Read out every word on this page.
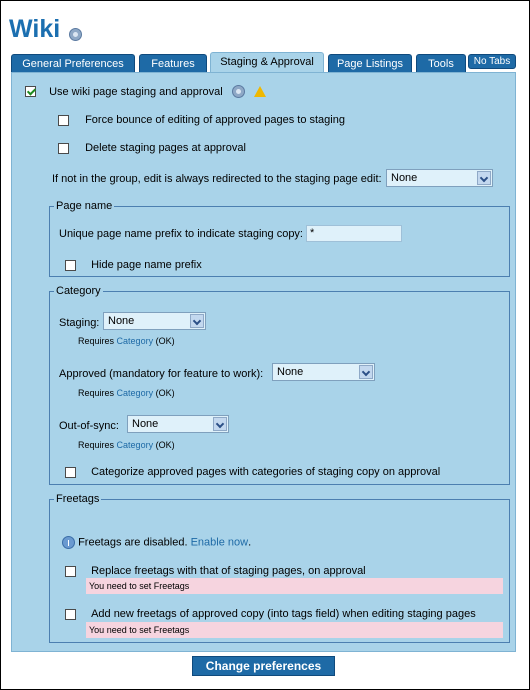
Wiki
General Preferences	Features	Staging & Approval	Page Listings	Tools	No Tabs
Use wiki page staging and approval
Force bounce of editing of approved pages to staging
Delete staging pages at approval
If not in the group, edit is always redirected to the staging page edit: None
Page name
Unique page name prefix to indicate staging copy: *
Hide page name prefix
Category
Staging: None
Requires Category (OK)
Approved (mandatory for feature to work):	None
Requires Category (OK)
Out-of-sync:	None
Requires Category (OK)
Categorize approved pages with categories of staging copy on approval
Freetags
Freetags are disabled. Enable now.
Replace freetags with that of staging pages, on approval
You need to set Freetags
Add new freetags of approved copy (into tags field) when editing staging pages
You need to set Freetags
Change preferences
